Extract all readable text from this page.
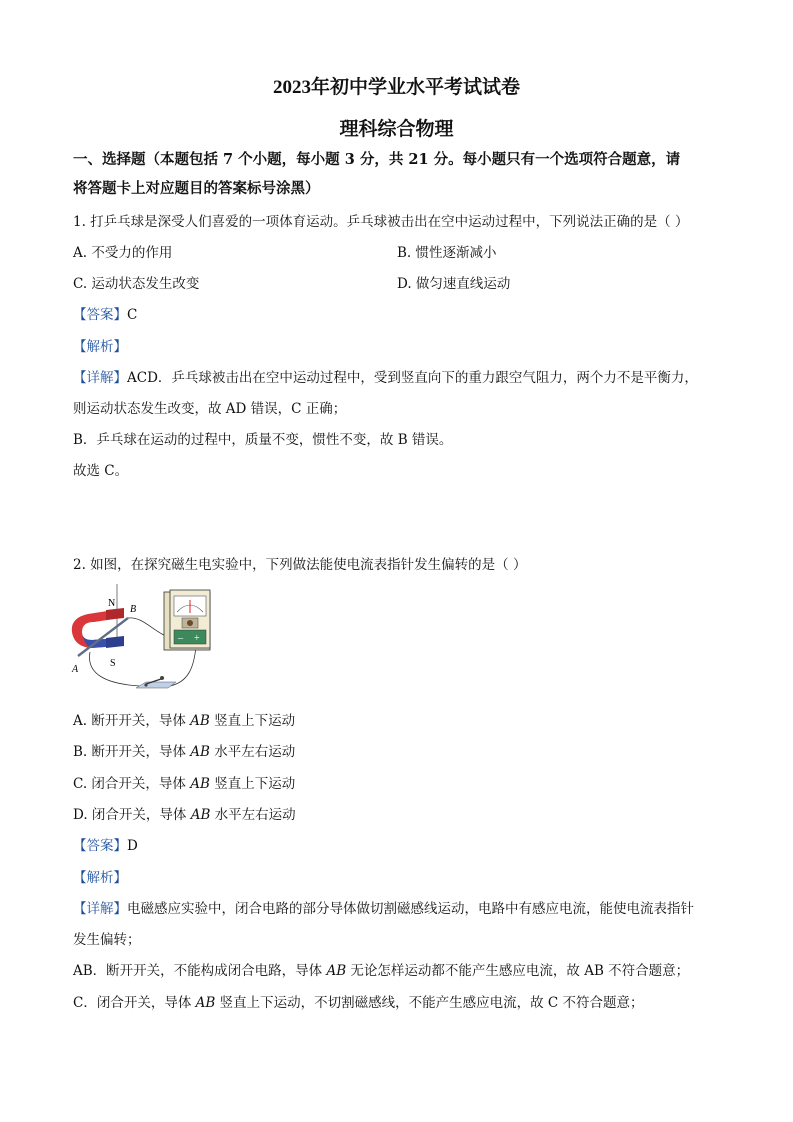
2023年初中学业水平考试试卷
理科综合物理
一、选择题（本题包括 7 个小题，每小题 3 分，共 21 分。每小题只有一个选项符合题意，请
将答题卡上对应题目的答案标号涂黑）
1. 打乒乓球是深受人们喜爱的一项体育运动。乒乓球被击出在空中运动过程中，下列说法正确的是（ ）
A. 不受力的作用	B. 惯性逐渐减小
C. 运动状态发生改变	D. 做匀速直线运动
【答案】C
【解析】
【详解】ACD．乒乓球被击出在空中运动过程中，受到竖直向下的重力跟空气阻力，两个力不是平衡力，
则运动状态发生改变，故 AD 错误，C 正确；
B．乒乓球在运动的过程中，质量不变，惯性不变，故 B 错误。
故选 C。
2. 如图，在探究磁生电实验中，下列做法能使电流表指针发生偏转的是（ ）
N
S
A
B
– +
A. 断开开关，导体 AB 竖直上下运动
B. 断开开关，导体 AB 水平左右运动
C. 闭合开关，导体 AB 竖直上下运动
D. 闭合开关，导体 AB 水平左右运动
【答案】D
【解析】
【详解】电磁感应实验中，闭合电路的部分导体做切割磁感线运动，电路中有感应电流，能使电流表指针
发生偏转；
AB．断开开关，不能构成闭合电路，导体 AB 无论怎样运动都不能产生感应电流，故 AB 不符合题意；
C．闭合开关，导体 AB 竖直上下运动，不切割磁感线，不能产生感应电流，故 C 不符合题意；
